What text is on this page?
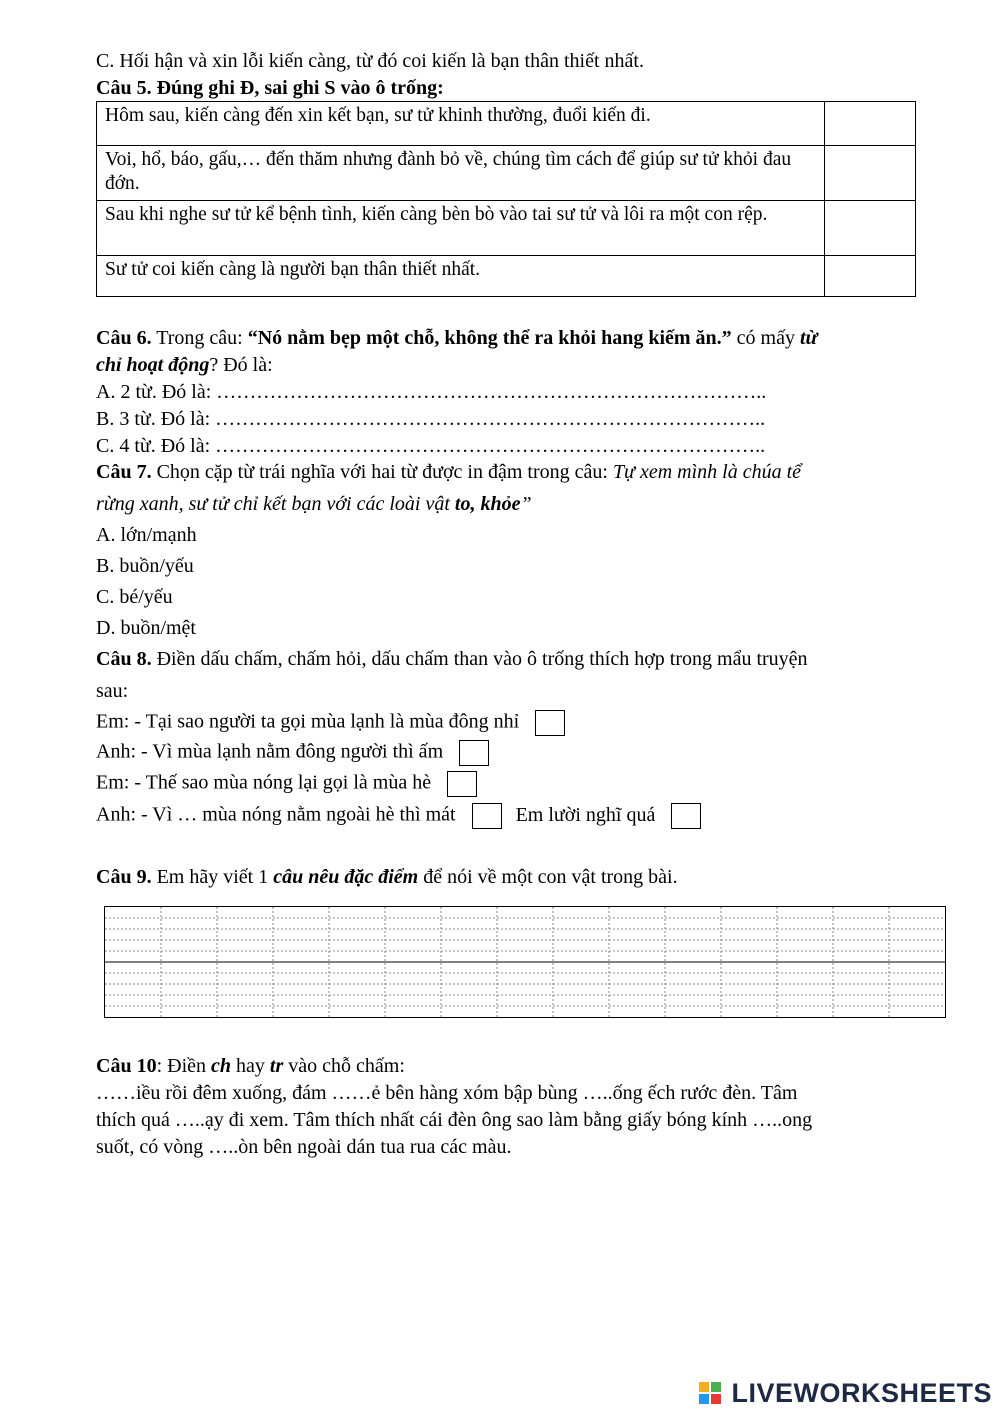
C. Hối hận và xin lỗi kiến càng, từ đó coi kiến là bạn thân thiết nhất.
Câu 5. Đúng ghi Đ, sai ghi S vào ô trống:
Hôm sau, kiến càng đến xin kết bạn, sư tử khinh thường, đuổi kiến đi.	
Voi, hổ, báo, gấu,… đến thăm nhưng đành bỏ về, chúng tìm cách để giúp sư tử khỏi đau đớn.	
Sau khi nghe sư tử kể bệnh tình, kiến càng bèn bò vào tai sư tử và lôi ra một con rệp.	
Sư tử coi kiến càng là người bạn thân thiết nhất.	
Câu 6. Trong câu: “Nó nằm bẹp một chỗ, không thể ra khỏi hang kiếm ăn.” có mấy từ
chỉ hoạt động? Đó là:
A. 2 từ. Đó là: ………………………………………………………………………..
B. 3 từ. Đó là: ………………………………………………………………………..
C. 4 từ. Đó là: ………………………………………………………………………..
Câu 7. Chọn cặp từ trái nghĩa với hai từ được in đậm trong câu: Tự xem mình là chúa tể
rừng xanh, sư tử chỉ kết bạn với các loài vật to, khỏe”
A. lớn/mạnh
B. buồn/yếu
C. bé/yếu
D. buồn/mệt
Câu 8. Điền dấu chấm, chấm hỏi, dấu chấm than vào ô trống thích hợp trong mẩu truyện
sau:
Em: - Tại sao người ta gọi mùa lạnh là mùa đông nhỉ
Anh: - Vì mùa lạnh nằm đông người thì ấm
Em: - Thế sao mùa nóng lại gọi là mùa hè
Anh: - Vì … mùa nóng nằm ngoài hè thì mát	Em lười nghĩ quá
Câu 9. Em hãy viết 1 câu nêu đặc điểm để nói về một con vật trong bài.
Câu 10: Điền ch hay tr vào chỗ chấm:
……iều rồi đêm xuống, đám ……ẻ bên hàng xóm bập bùng …..ống ếch rước đèn. Tâm
thích quá …..ạy đi xem. Tâm thích nhất cái đèn ông sao làm bằng giấy bóng kính …..ong
suốt, có vòng …..òn bên ngoài dán tua rua các màu.
LIVEWORKSHEETS
